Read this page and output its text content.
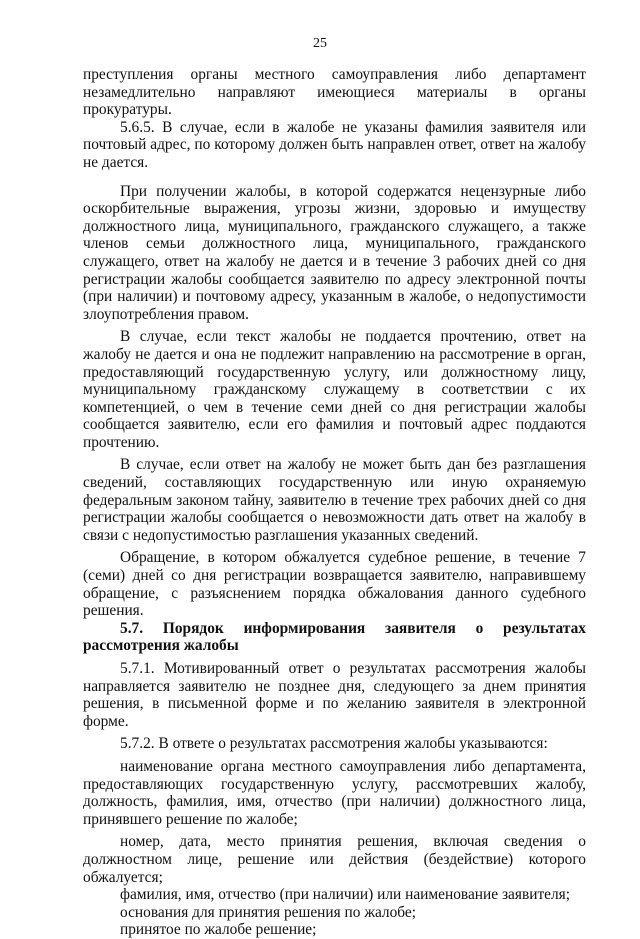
25

преступления органы местного самоуправления либо департамент незамедлительно направляют имеющиеся материалы в органы прокуратуры.

5.6.5. В случае, если в жалобе не указаны фамилия заявителя или почтовый адрес, по которому должен быть направлен ответ, ответ на жалобу не дается.

При получении жалобы, в которой содержатся нецензурные либо оскорбительные выражения, угрозы жизни, здоровью и имуществу должностного лица, муниципального, гражданского служащего, а также членов семьи должностного лица, муниципального, гражданского служащего, ответ на жалобу не дается и в течение 3 рабочих дней со дня регистрации жалобы сообщается заявителю по адресу электронной почты (при наличии) и почтовому адресу, указанным в жалобе, о недопустимости злоупотребления правом.

В случае, если текст жалобы не поддается прочтению, ответ на жалобу не дается и она не подлежит направлению на рассмотрение в орган, предоставляющий государственную услугу, или должностному лицу, муниципальному гражданскому служащему в соответствии с их компетенцией, о чем в течение семи дней со дня регистрации жалобы сообщается заявителю, если его фамилия и почтовый адрес поддаются прочтению.

В случае, если ответ на жалобу не может быть дан без разглашения сведений, составляющих государственную или иную охраняемую федеральным законом тайну, заявителю в течение трех рабочих дней со дня регистрации жалобы сообщается о невозможности дать ответ на жалобу в связи с недопустимостью разглашения указанных сведений.

Обращение, в котором обжалуется судебное решение, в течение 7 (семи) дней со дня регистрации возвращается заявителю, направившему обращение, с разъяснением порядка обжалования данного судебного решения.

5.7. Порядок информирования заявителя о результатах рассмотрения жалобы

5.7.1. Мотивированный ответ о результатах рассмотрения жалобы направляется заявителю не позднее дня, следующего за днем принятия решения, в письменной форме и по желанию заявителя в электронной форме.

5.7.2. В ответе о результатах рассмотрения жалобы указываются:

наименование органа местного самоуправления либо департамента, предоставляющих государственную услугу, рассмотревших жалобу, должность, фамилия, имя, отчество (при наличии) должностного лица, принявшего решение по жалобе;

номер, дата, место принятия решения, включая сведения о должностном лице, решение или действия (бездействие) которого обжалуется;

фамилия, имя, отчество (при наличии) или наименование заявителя;

основания для принятия решения по жалобе;

принятое по жалобе решение;
